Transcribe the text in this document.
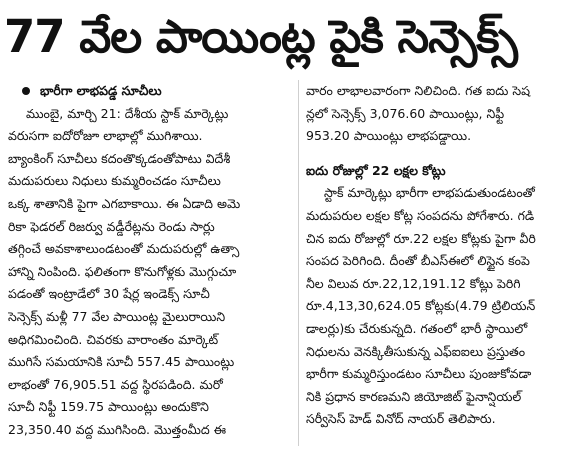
77 వేల పాయింట్ల పైకి సెన్సెక్స్
భారీగా లాభపడ్డ సూచీలు
ముంబై, మార్చి 21: దేశీయ స్టాక్ మార్కెట్లు
వరుసగా ఐదోరోజూ లాభాల్లో ముగిశాయి.
బ్యాంకింగ్ సూచీలు కదంతొక్కడంతోపాటు విదేశీ
మదుపరులు నిధులు కుమ్మరించడం సూచీలు
ఒక్క శాతానికి పైగా ఎగబాకాయి. ఈ ఏడాది అమె
రికా ఫెడరల్ రిజర్వు వడ్డీరేట్లను రెండు సార్లు
తగ్గించే అవకాశాలుండటంతో మదుపరుల్లో ఉత్సా
హాన్ని నింపింది. ఫలితంగా కొనుగోళ్లకు మొగ్గుచూ
పడంతో ఇంట్రాడేలో 30 షేర్ల ఇండెక్స్ సూచీ
సెన్సెక్స్ మళ్లీ 77 వేల పాయింట్ల మైలురాయిని
అధిగమించింది. చివరకు వారాంతం మార్కెట్
ముగిసే సమయానికి సూచీ 557.45 పాయింట్లు
లాభంతో 76,905.51 వద్ద స్థిరపడింది. మరో
సూచీ నిఫ్టీ 159.75 పాయింట్లు అందుకొని
23,350.40 వద్ద ముగిసింది. మొత్తంమీద ఈ
వారం లాభాలవారంగా నిలిచింది. గత ఐదు సెష
న్లలో సెన్సెక్స్ 3,076.60 పాయింట్లు, నిఫ్టీ
953.20 పాయింట్లు లాభపడ్డాయి.
ఐదు రోజుల్లో 22 లక్షల కోట్లు
స్టాక్ మార్కెట్లు భారీగా లాభపడుతుండటంతో
మదుపరుల లక్షల కోట్ల సంపదను పోగేశారు. గడి
చిన ఐదు రోజుల్లో రూ.22 లక్షల కోట్లకు పైగా వీరి
సంపద పెరిగింది. దీంతో బీఎస్ఈలో లిస్టైన కంపె
నీల విలువ రూ.22,12,191.12 కోట్లు పెరిగి
రూ.4,13,30,624.05 కోట్లకు(4.79 ట్రిలియన్
డాలర్లు)కు చేరుకున్నది. గతంలో భారీ స్థాయిలో
నిధులను వెనక్కితీసుకున్న ఎఫ్ఐఐలు ప్రస్తుతం
భారీగా కుమ్మరిస్తుండటం సూచీలు పుంజుకోవడా
నికి ప్రధాన కారణమని జియోజిట్ ఫైనాన్షియల్
సర్వీసెస్ హెడ్ వినోద్ నాయర్ తెలిపారు.
